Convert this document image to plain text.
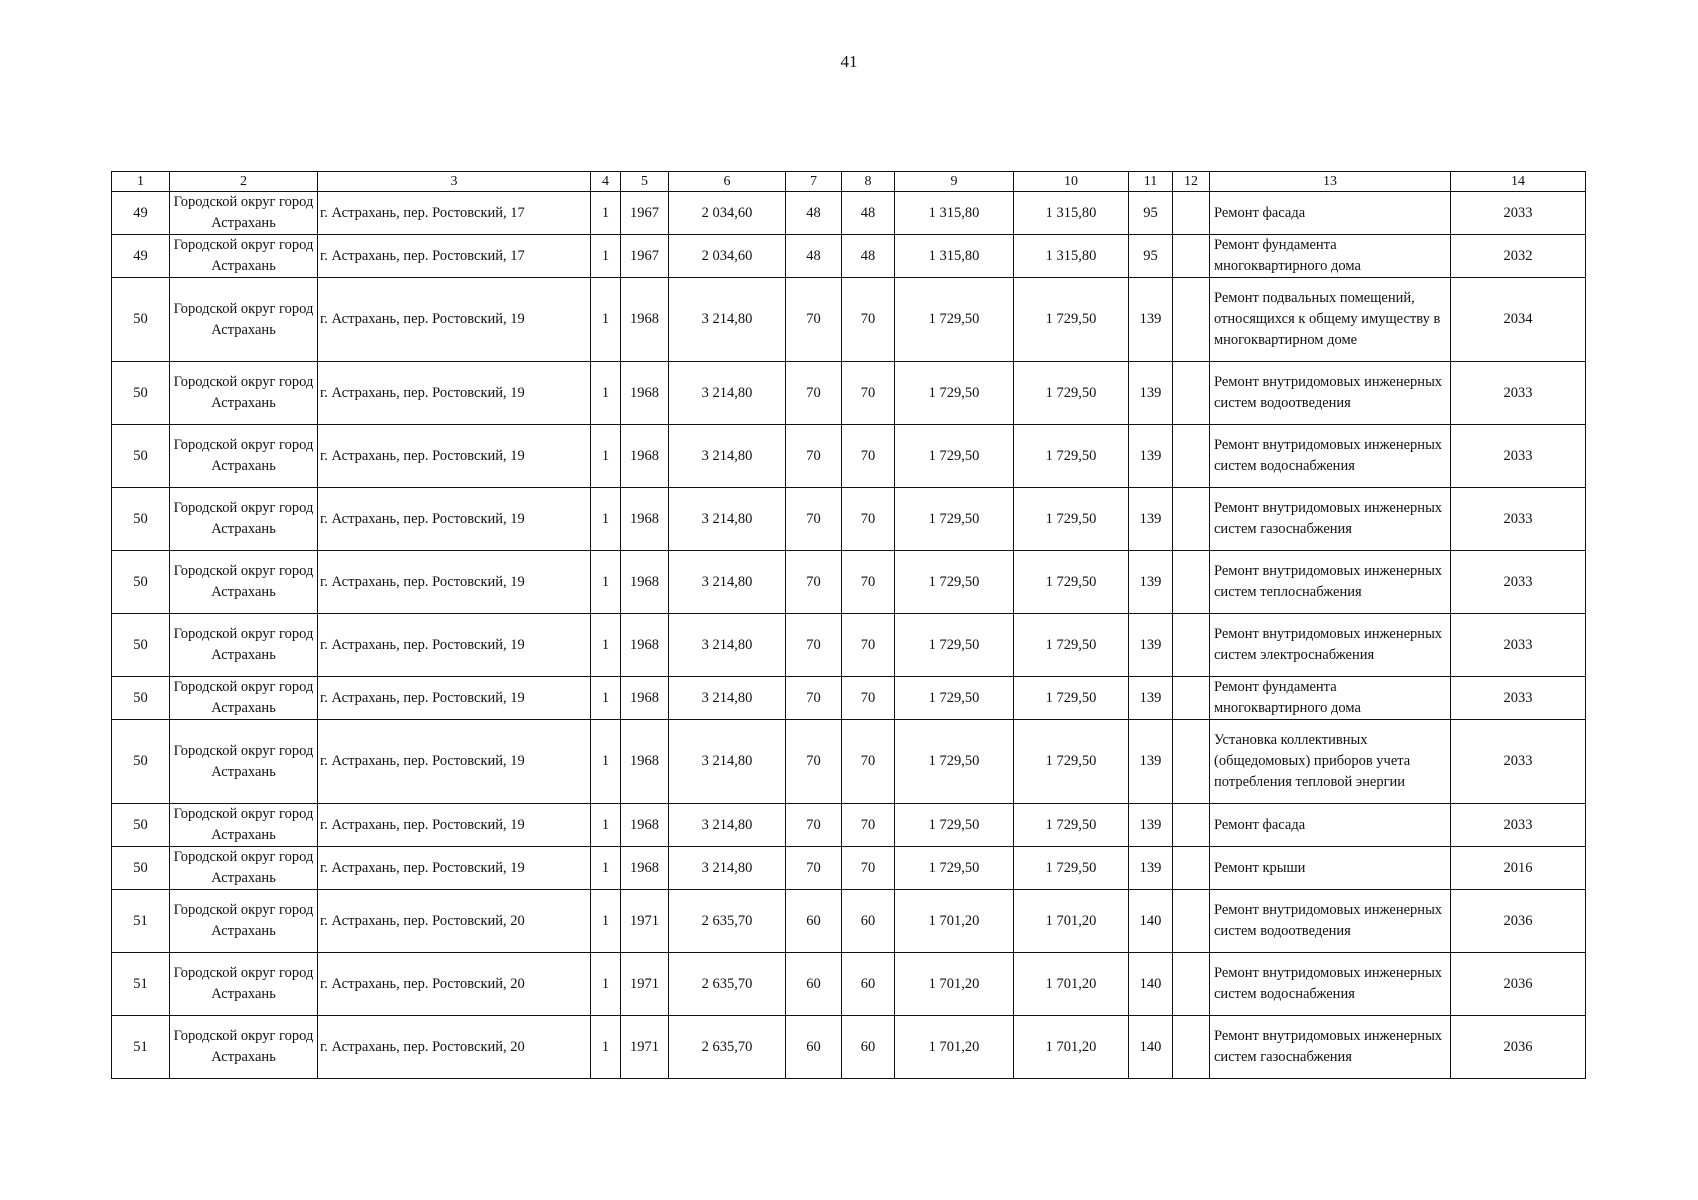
41
1	2	3	4	5	6	7	8	9	10	11	12	13	14
49	Городской округ город Астрахань	г. Астрахань, пер. Ростовский, 17	1	1967	2 034,60	48	48	1 315,80	1 315,80	95		Ремонт фасада	2033
49	Городской округ город Астрахань	г. Астрахань, пер. Ростовский, 17	1	1967	2 034,60	48	48	1 315,80	1 315,80	95		Ремонт фундамента многоквартирного дома	2032
50	Городской округ город Астрахань	г. Астрахань, пер. Ростовский, 19	1	1968	3 214,80	70	70	1 729,50	1 729,50	139		Ремонт подвальных помещений, относящихся к общему имуществу в многоквартирном доме	2034
50	Городской округ город Астрахань	г. Астрахань, пер. Ростовский, 19	1	1968	3 214,80	70	70	1 729,50	1 729,50	139		Ремонт внутридомовых инженерных систем водоотведения	2033
50	Городской округ город Астрахань	г. Астрахань, пер. Ростовский, 19	1	1968	3 214,80	70	70	1 729,50	1 729,50	139		Ремонт внутридомовых инженерных систем водоснабжения	2033
50	Городской округ город Астрахань	г. Астрахань, пер. Ростовский, 19	1	1968	3 214,80	70	70	1 729,50	1 729,50	139		Ремонт внутридомовых инженерных систем газоснабжения	2033
50	Городской округ город Астрахань	г. Астрахань, пер. Ростовский, 19	1	1968	3 214,80	70	70	1 729,50	1 729,50	139		Ремонт внутридомовых инженерных систем теплоснабжения	2033
50	Городской округ город Астрахань	г. Астрахань, пер. Ростовский, 19	1	1968	3 214,80	70	70	1 729,50	1 729,50	139		Ремонт внутридомовых инженерных систем электроснабжения	2033
50	Городской округ город Астрахань	г. Астрахань, пер. Ростовский, 19	1	1968	3 214,80	70	70	1 729,50	1 729,50	139		Ремонт фундамента многоквартирного дома	2033
50	Городской округ город Астрахань	г. Астрахань, пер. Ростовский, 19	1	1968	3 214,80	70	70	1 729,50	1 729,50	139		Установка коллективных (общедомовых) приборов учета потребления тепловой энергии	2033
50	Городской округ город Астрахань	г. Астрахань, пер. Ростовский, 19	1	1968	3 214,80	70	70	1 729,50	1 729,50	139		Ремонт фасада	2033
50	Городской округ город Астрахань	г. Астрахань, пер. Ростовский, 19	1	1968	3 214,80	70	70	1 729,50	1 729,50	139		Ремонт крыши	2016
51	Городской округ город Астрахань	г. Астрахань, пер. Ростовский, 20	1	1971	2 635,70	60	60	1 701,20	1 701,20	140		Ремонт внутридомовых инженерных систем водоотведения	2036
51	Городской округ город Астрахань	г. Астрахань, пер. Ростовский, 20	1	1971	2 635,70	60	60	1 701,20	1 701,20	140		Ремонт внутридомовых инженерных систем водоснабжения	2036
51	Городской округ город Астрахань	г. Астрахань, пер. Ростовский, 20	1	1971	2 635,70	60	60	1 701,20	1 701,20	140		Ремонт внутридомовых инженерных систем газоснабжения	2036
